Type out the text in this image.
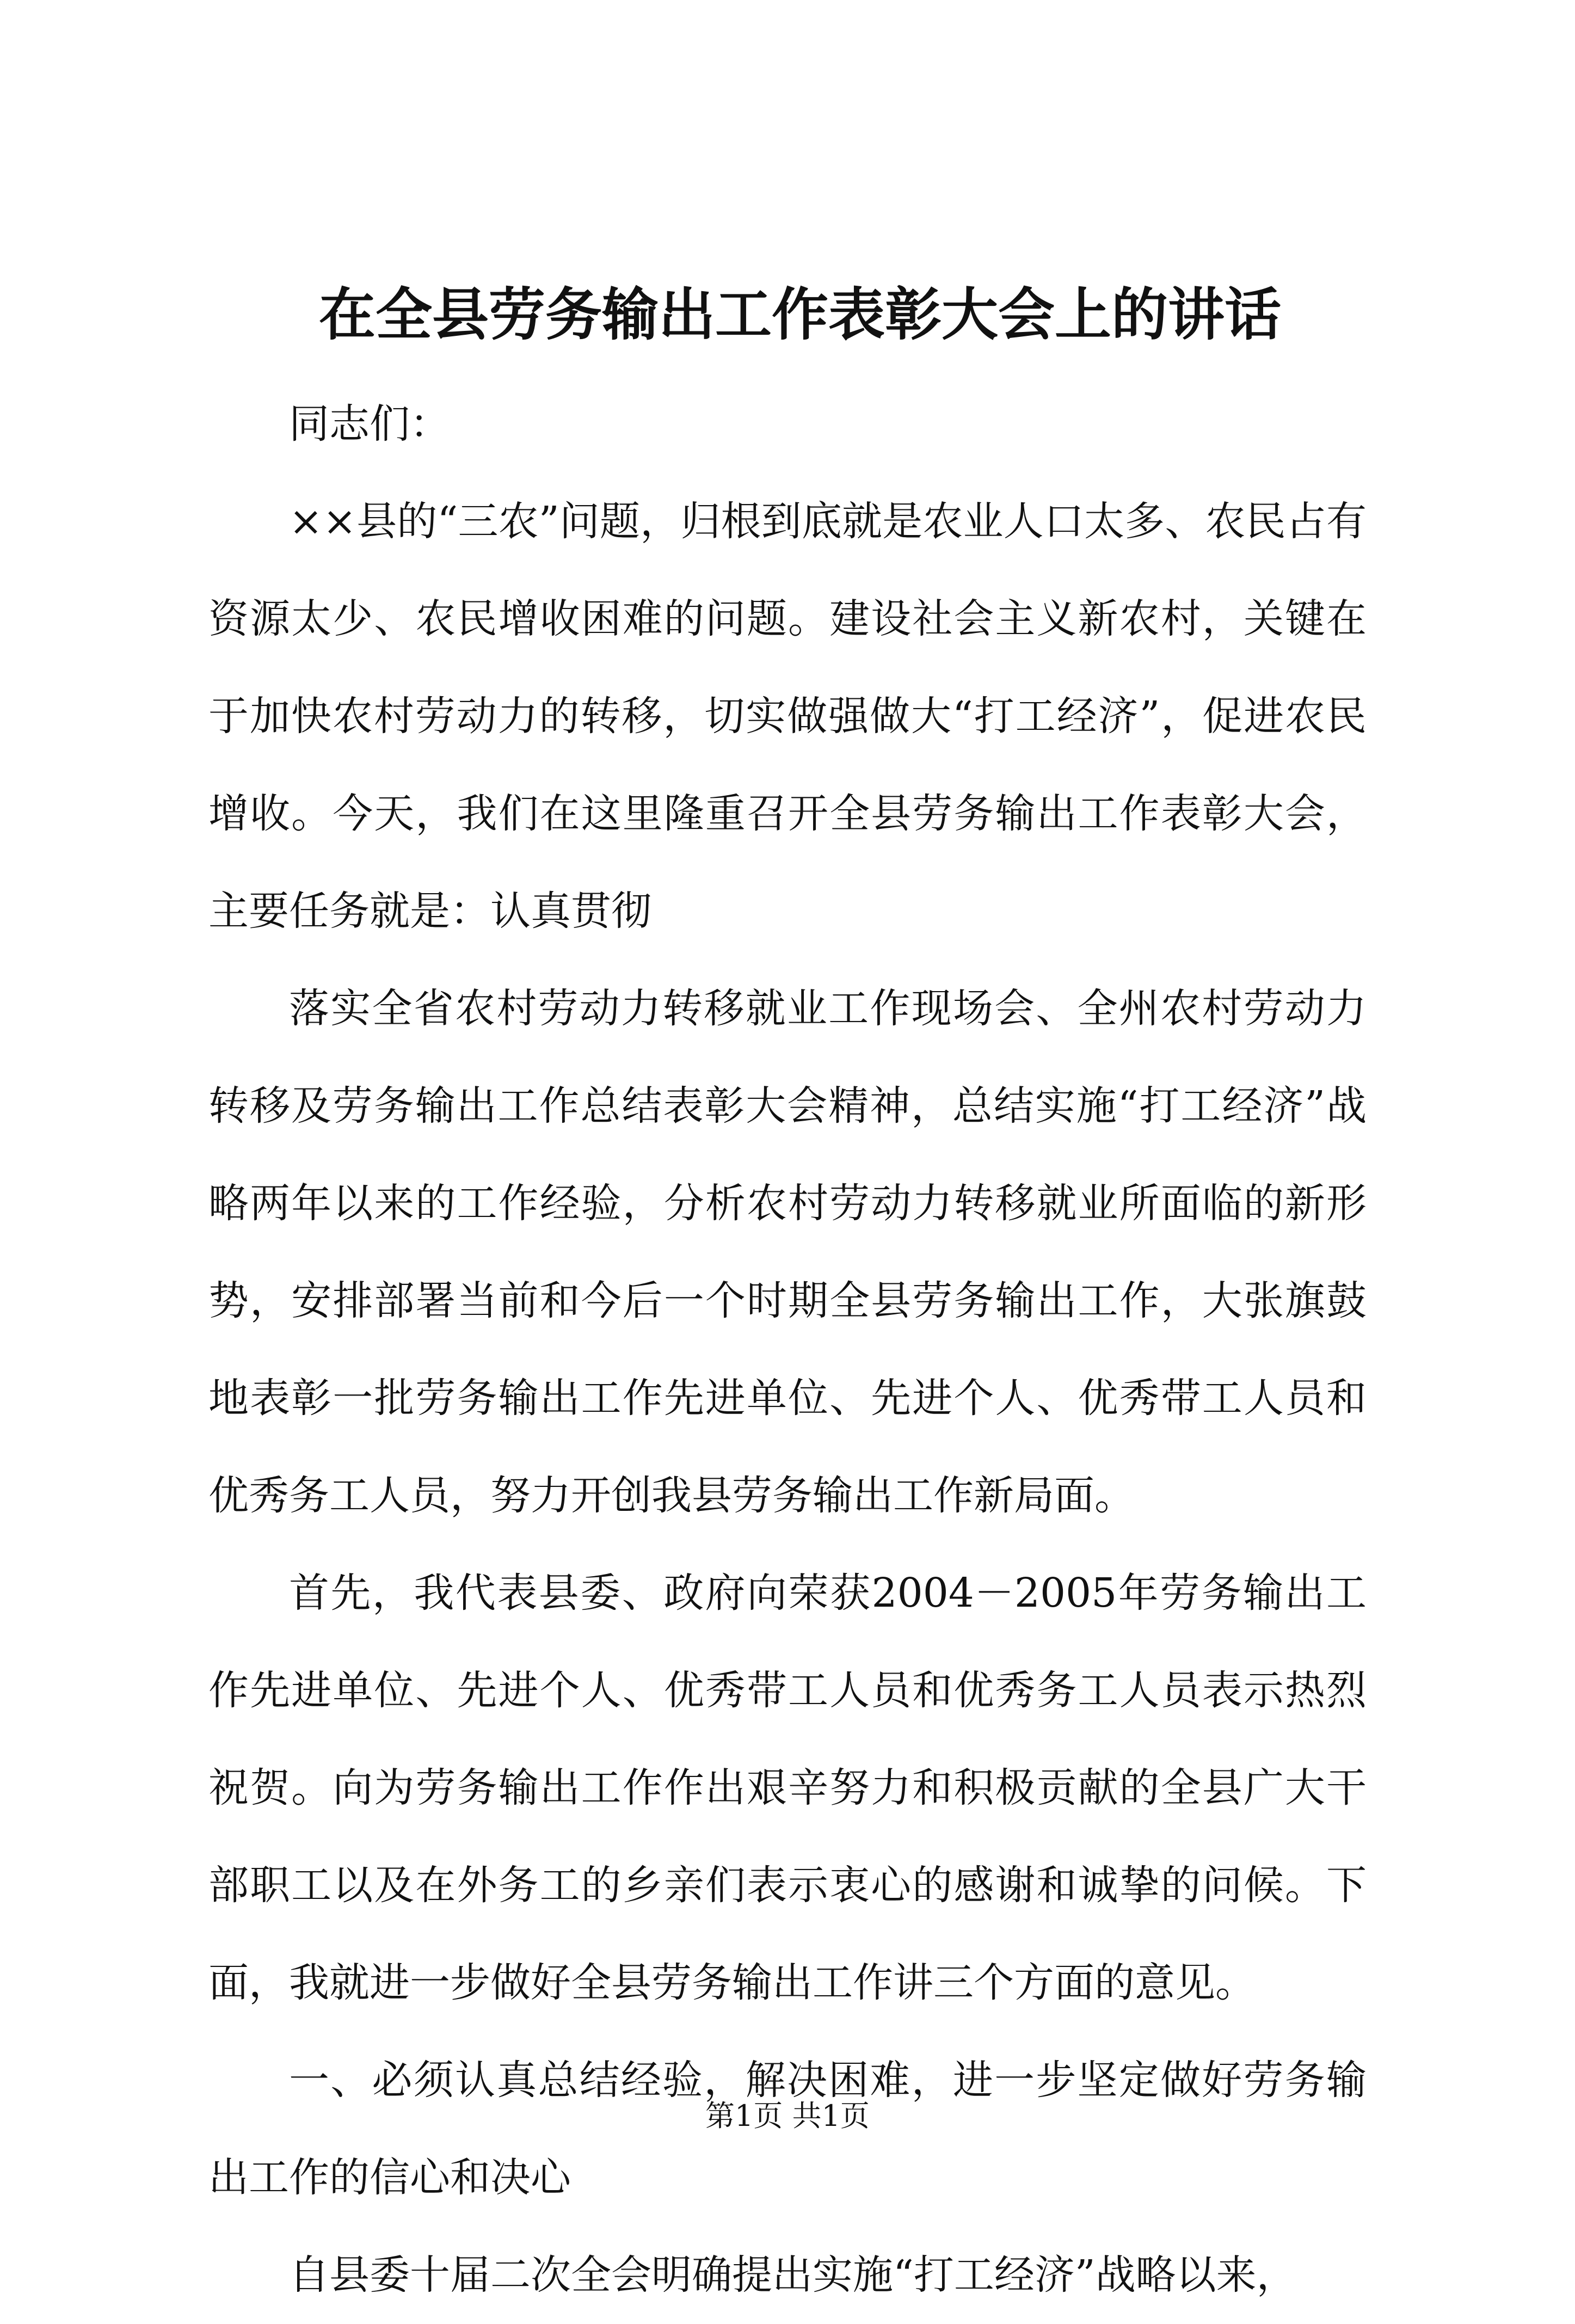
在全县劳务输出工作表彰大会上的讲话

同志们：

××县的“三农”问题，归根到底就是农业人口太多、农民占有资源太少、农民增收困难的问题。建设社会主义新农村，关键在于加快农村劳动力的转移，切实做强做大“打工经济”，促进农民增收。今天，我们在这里隆重召开全县劳务输出工作表彰大会，主要任务就是：认真贯彻

落实全省农村劳动力转移就业工作现场会、全州农村劳动力转移及劳务输出工作总结表彰大会精神，总结实施“打工经济”战略两年以来的工作经验，分析农村劳动力转移就业所面临的新形势，安排部署当前和今后一个时期全县劳务输出工作，大张旗鼓地表彰一批劳务输出工作先进单位、先进个人、优秀带工人员和优秀务工人员，努力开创我县劳务输出工作新局面。

首先，我代表县委、政府向荣获2004－2005年劳务输出工作先进单位、先进个人、优秀带工人员和优秀务工人员表示热烈祝贺。向为劳务输出工作作出艰辛努力和积极贡献的全县广大干部职工以及在外务工的乡亲们表示衷心的感谢和诚挚的问候。下面，我就进一步做好全县劳务输出工作讲三个方面的意见。

一、必须认真总结经验，解决困难，进一步坚定做好劳务输出工作的信心和决心

自县委十届二次全会明确提出实施“打工经济”战略以来，

第1页 共1页
